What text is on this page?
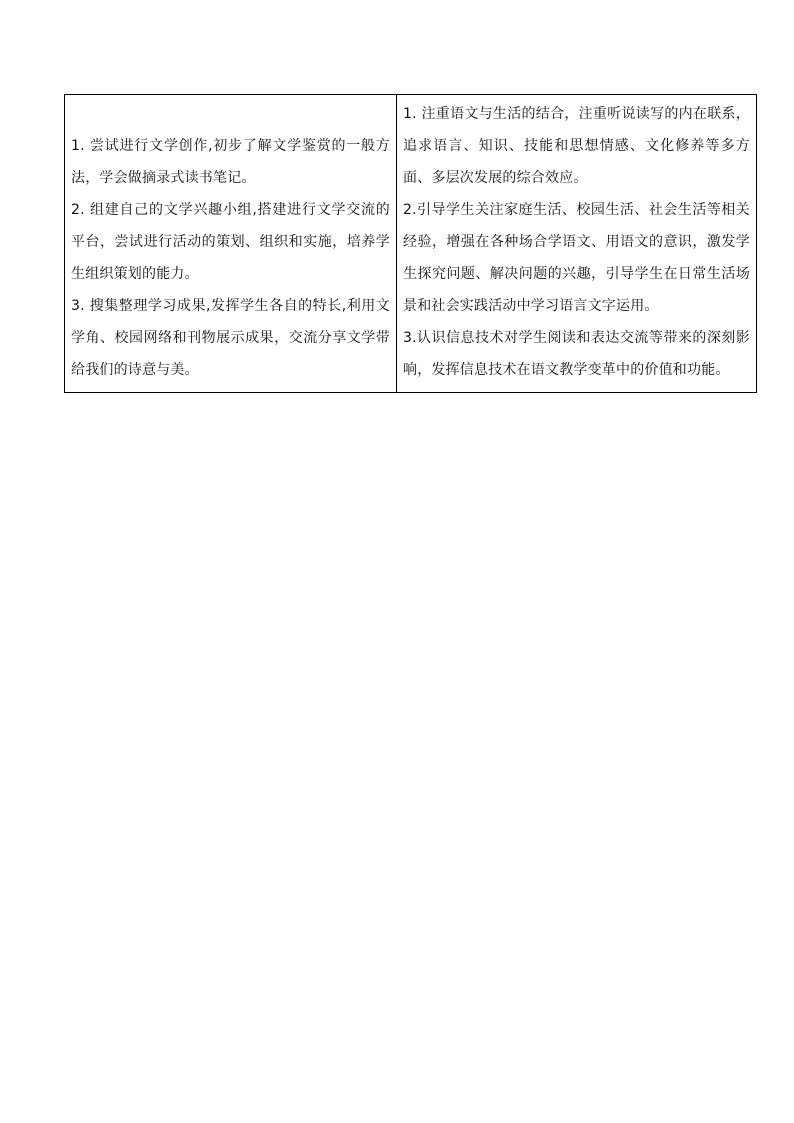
1. 尝试进行文学创作,初步了解文学鉴赏的一般方法，学会做摘录式读书笔记。
2. 组建自己的文学兴趣小组,搭建进行文学交流的平台，尝试进行活动的策划、组织和实施，培养学生组织策划的能力。
3. 搜集整理学习成果,发挥学生各自的特长,利用文学角、校园网络和刊物展示成果，交流分享文学带给我们的诗意与美。

1. 注重语文与生活的结合，注重听说读写的内在联系，追求语言、知识、技能和思想情感、文化修养等多方面、多层次发展的综合效应。
2.引导学生关注家庭生活、校园生活、社会生活等相关经验，增强在各种场合学语文、用语文的意识，激发学生探究问题、解决问题的兴趣，引导学生在日常生活场景和社会实践活动中学习语言文字运用。
3.认识信息技术对学生阅读和表达交流等带来的深刻影响，发挥信息技术在语文教学变革中的价值和功能。
